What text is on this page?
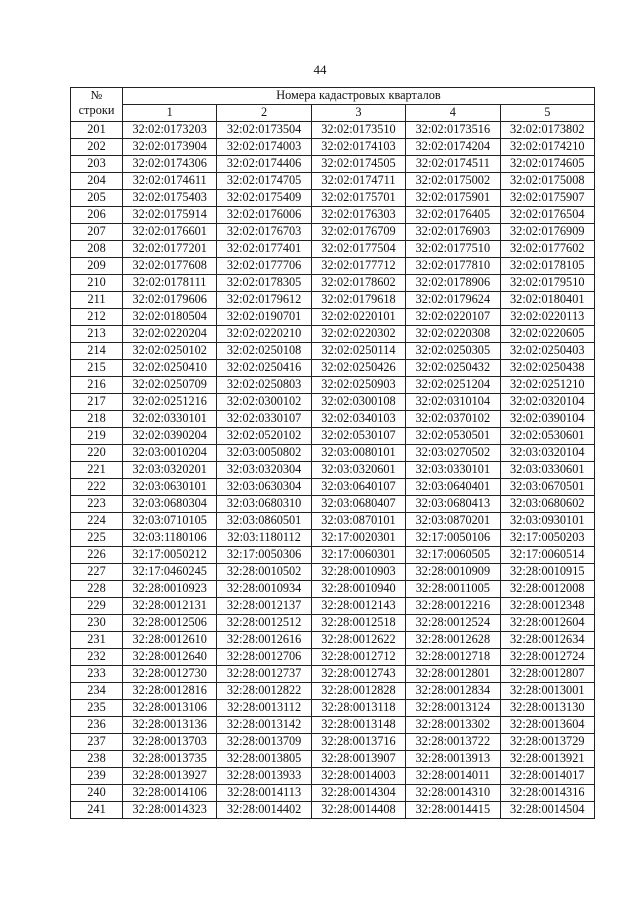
44
№
строки	Номера кадастровых кварталов				
	1	2	3	4	5
201	32:02:0173203	32:02:0173504	32:02:0173510	32:02:0173516	32:02:0173802
202	32:02:0173904	32:02:0174003	32:02:0174103	32:02:0174204	32:02:0174210
203	32:02:0174306	32:02:0174406	32:02:0174505	32:02:0174511	32:02:0174605
204	32:02:0174611	32:02:0174705	32:02:0174711	32:02:0175002	32:02:0175008
205	32:02:0175403	32:02:0175409	32:02:0175701	32:02:0175901	32:02:0175907
206	32:02:0175914	32:02:0176006	32:02:0176303	32:02:0176405	32:02:0176504
207	32:02:0176601	32:02:0176703	32:02:0176709	32:02:0176903	32:02:0176909
208	32:02:0177201	32:02:0177401	32:02:0177504	32:02:0177510	32:02:0177602
209	32:02:0177608	32:02:0177706	32:02:0177712	32:02:0177810	32:02:0178105
210	32:02:0178111	32:02:0178305	32:02:0178602	32:02:0178906	32:02:0179510
211	32:02:0179606	32:02:0179612	32:02:0179618	32:02:0179624	32:02:0180401
212	32:02:0180504	32:02:0190701	32:02:0220101	32:02:0220107	32:02:0220113
213	32:02:0220204	32:02:0220210	32:02:0220302	32:02:0220308	32:02:0220605
214	32:02:0250102	32:02:0250108	32:02:0250114	32:02:0250305	32:02:0250403
215	32:02:0250410	32:02:0250416	32:02:0250426	32:02:0250432	32:02:0250438
216	32:02:0250709	32:02:0250803	32:02:0250903	32:02:0251204	32:02:0251210
217	32:02:0251216	32:02:0300102	32:02:0300108	32:02:0310104	32:02:0320104
218	32:02:0330101	32:02:0330107	32:02:0340103	32:02:0370102	32:02:0390104
219	32:02:0390204	32:02:0520102	32:02:0530107	32:02:0530501	32:02:0530601
220	32:03:0010204	32:03:0050802	32:03:0080101	32:03:0270502	32:03:0320104
221	32:03:0320201	32:03:0320304	32:03:0320601	32:03:0330101	32:03:0330601
222	32:03:0630101	32:03:0630304	32:03:0640107	32:03:0640401	32:03:0670501
223	32:03:0680304	32:03:0680310	32:03:0680407	32:03:0680413	32:03:0680602
224	32:03:0710105	32:03:0860501	32:03:0870101	32:03:0870201	32:03:0930101
225	32:03:1180106	32:03:1180112	32:17:0020301	32:17:0050106	32:17:0050203
226	32:17:0050212	32:17:0050306	32:17:0060301	32:17:0060505	32:17:0060514
227	32:17:0460245	32:28:0010502	32:28:0010903	32:28:0010909	32:28:0010915
228	32:28:0010923	32:28:0010934	32:28:0010940	32:28:0011005	32:28:0012008
229	32:28:0012131	32:28:0012137	32:28:0012143	32:28:0012216	32:28:0012348
230	32:28:0012506	32:28:0012512	32:28:0012518	32:28:0012524	32:28:0012604
231	32:28:0012610	32:28:0012616	32:28:0012622	32:28:0012628	32:28:0012634
232	32:28:0012640	32:28:0012706	32:28:0012712	32:28:0012718	32:28:0012724
233	32:28:0012730	32:28:0012737	32:28:0012743	32:28:0012801	32:28:0012807
234	32:28:0012816	32:28:0012822	32:28:0012828	32:28:0012834	32:28:0013001
235	32:28:0013106	32:28:0013112	32:28:0013118	32:28:0013124	32:28:0013130
236	32:28:0013136	32:28:0013142	32:28:0013148	32:28:0013302	32:28:0013604
237	32:28:0013703	32:28:0013709	32:28:0013716	32:28:0013722	32:28:0013729
238	32:28:0013735	32:28:0013805	32:28:0013907	32:28:0013913	32:28:0013921
239	32:28:0013927	32:28:0013933	32:28:0014003	32:28:0014011	32:28:0014017
240	32:28:0014106	32:28:0014113	32:28:0014304	32:28:0014310	32:28:0014316
241	32:28:0014323	32:28:0014402	32:28:0014408	32:28:0014415	32:28:0014504
